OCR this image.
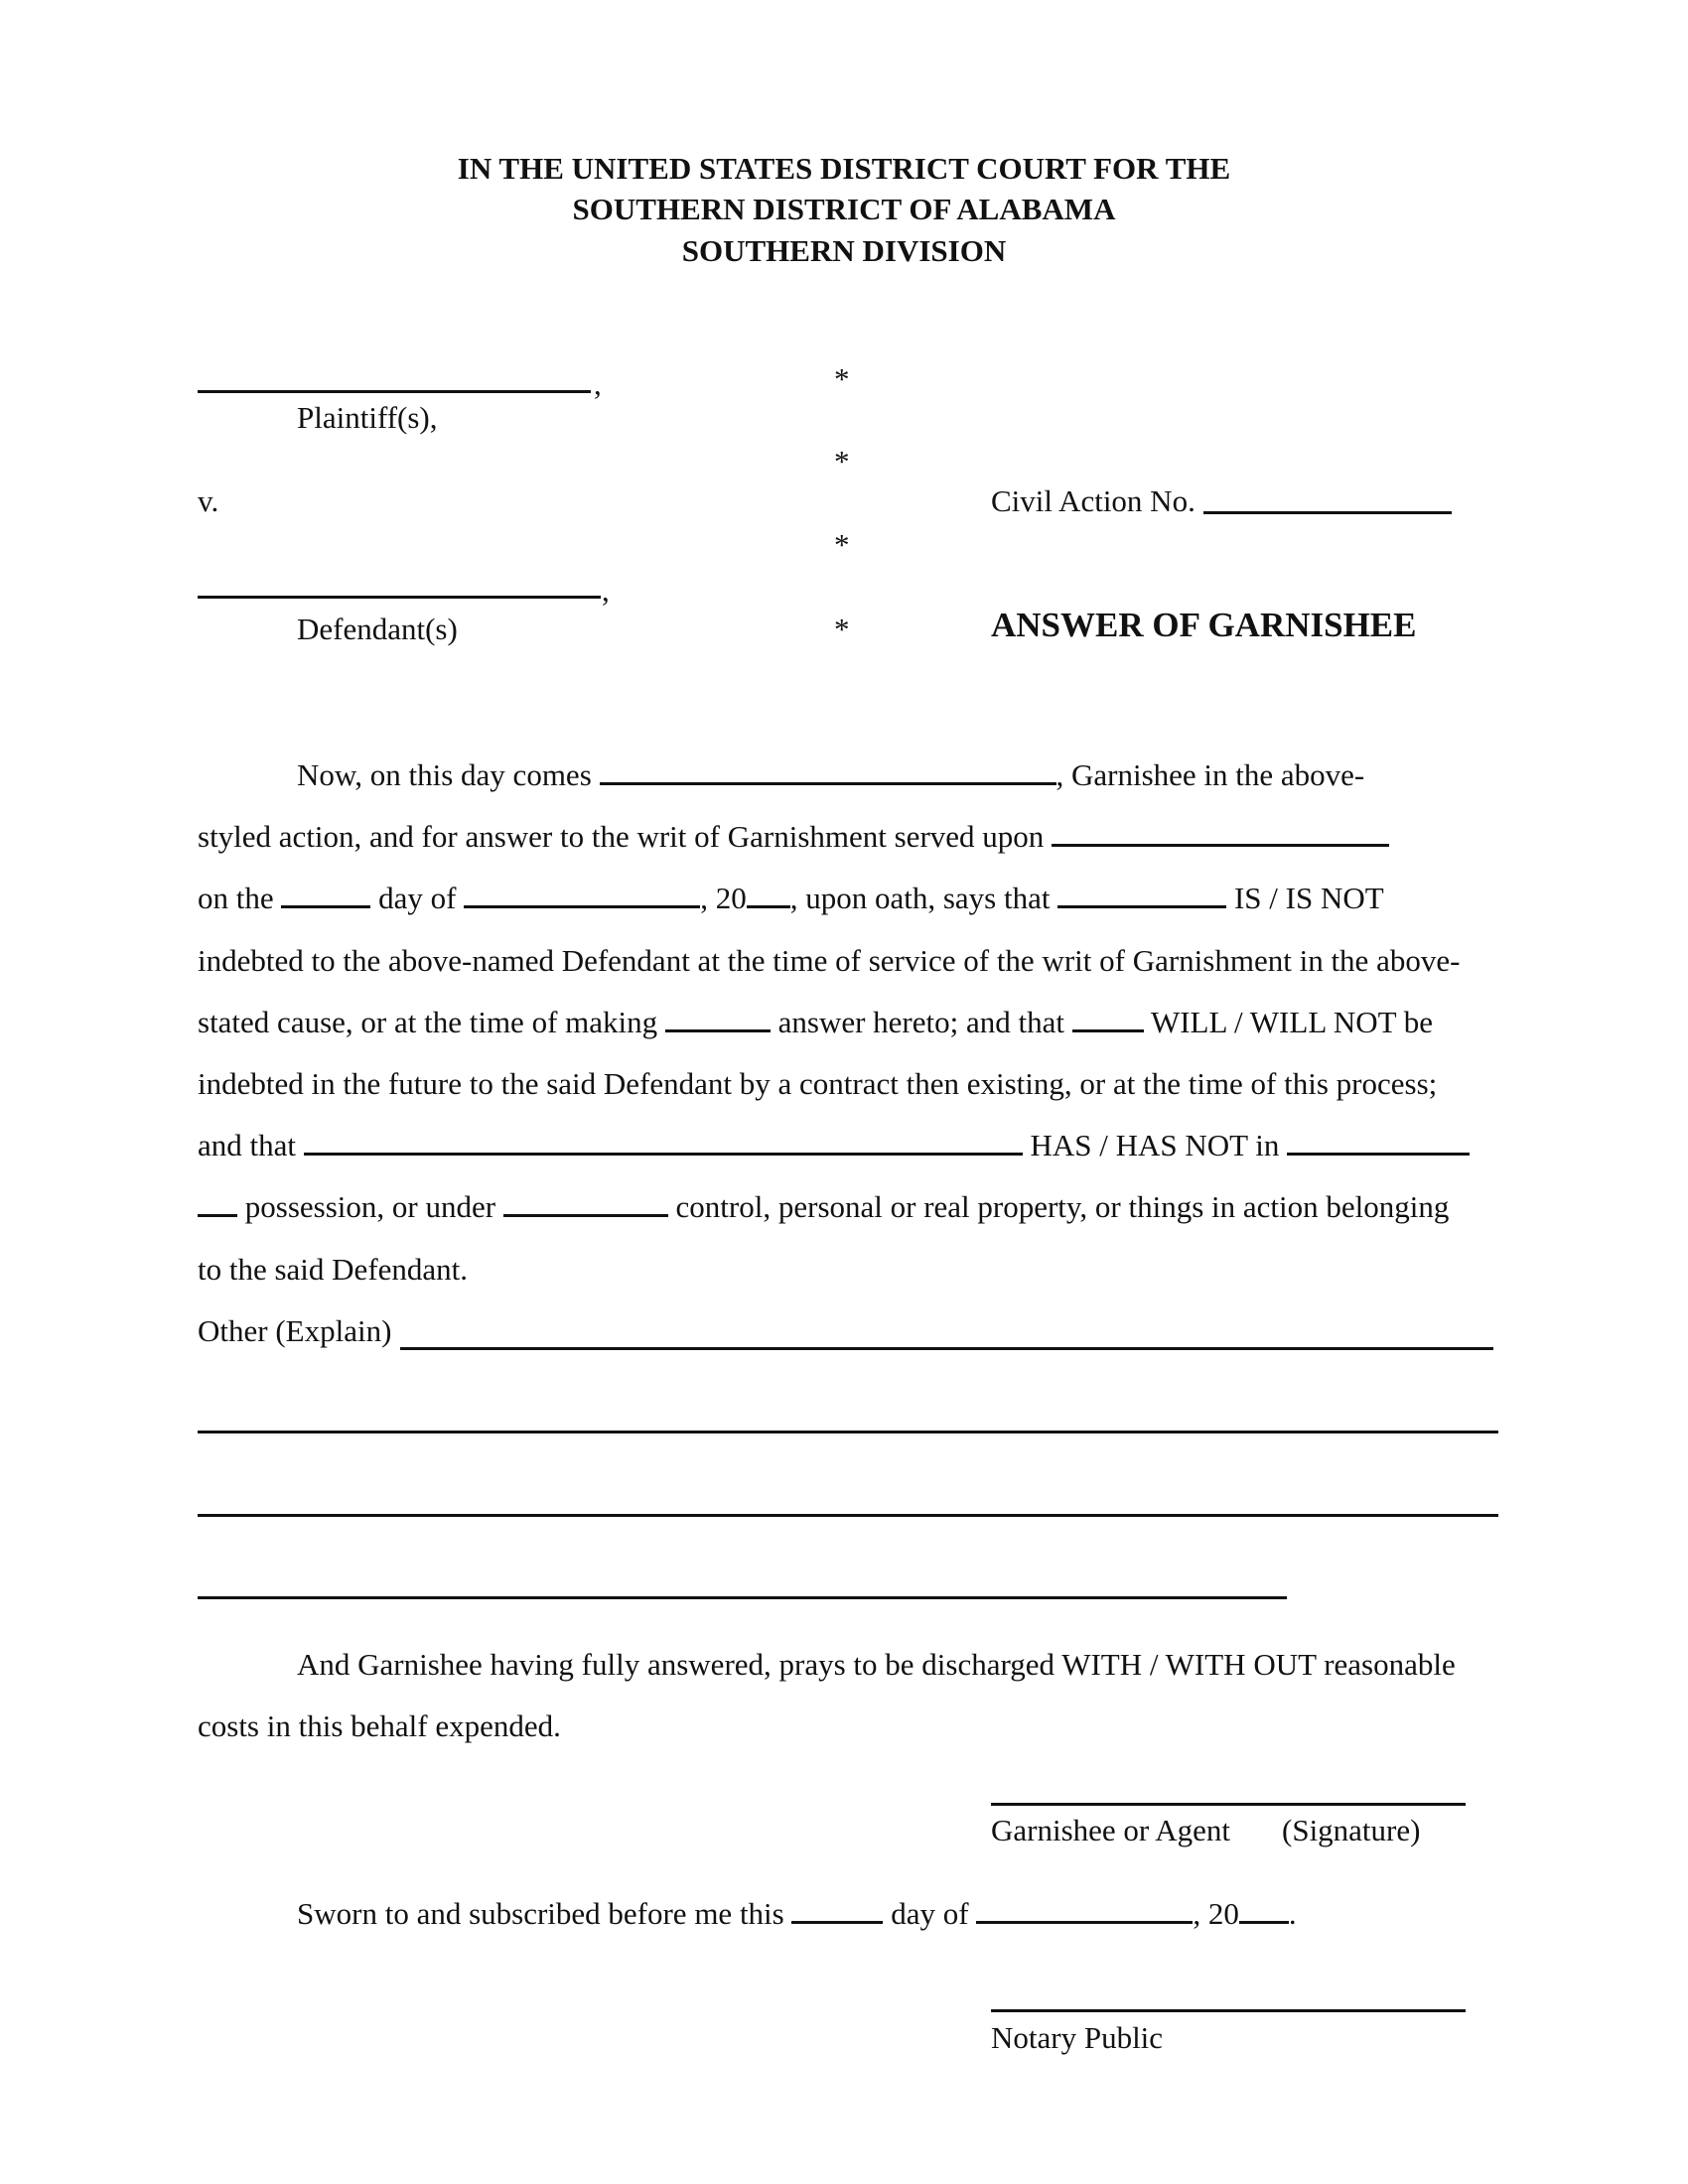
IN THE UNITED STATES DISTRICT COURT FOR THE
SOUTHERN DISTRICT OF ALABAMA
SOUTHERN DIVISION
,
Plaintiff(s),
v.
,
Defendant(s)
*
*
*
*
Civil Action No.
ANSWER OF GARNISHEE
Now, on this day comes	, Garnishee in the above-
styled action, and for answer to the writ of Garnishment served upon
on the	day of	, 20 , upon oath, says that	IS / IS NOT
indebted to the above-named Defendant at the time of service of the writ of Garnishment in the above-
stated cause, or at the time of making	answer hereto; and that	WILL / WILL NOT be
indebted in the future to the said Defendant by a contract then existing, or at the time of this process;
and that	HAS / HAS NOT in
possession, or under	control, personal or real property, or things in action belonging
to the said Defendant.
Other (Explain)
And Garnishee having fully answered, prays to be discharged WITH / WITH OUT reasonable
costs in this behalf expended.
Garnishee or Agent (Signature)
Sworn to and subscribed before me this	day of	, 20 .
Notary Public
